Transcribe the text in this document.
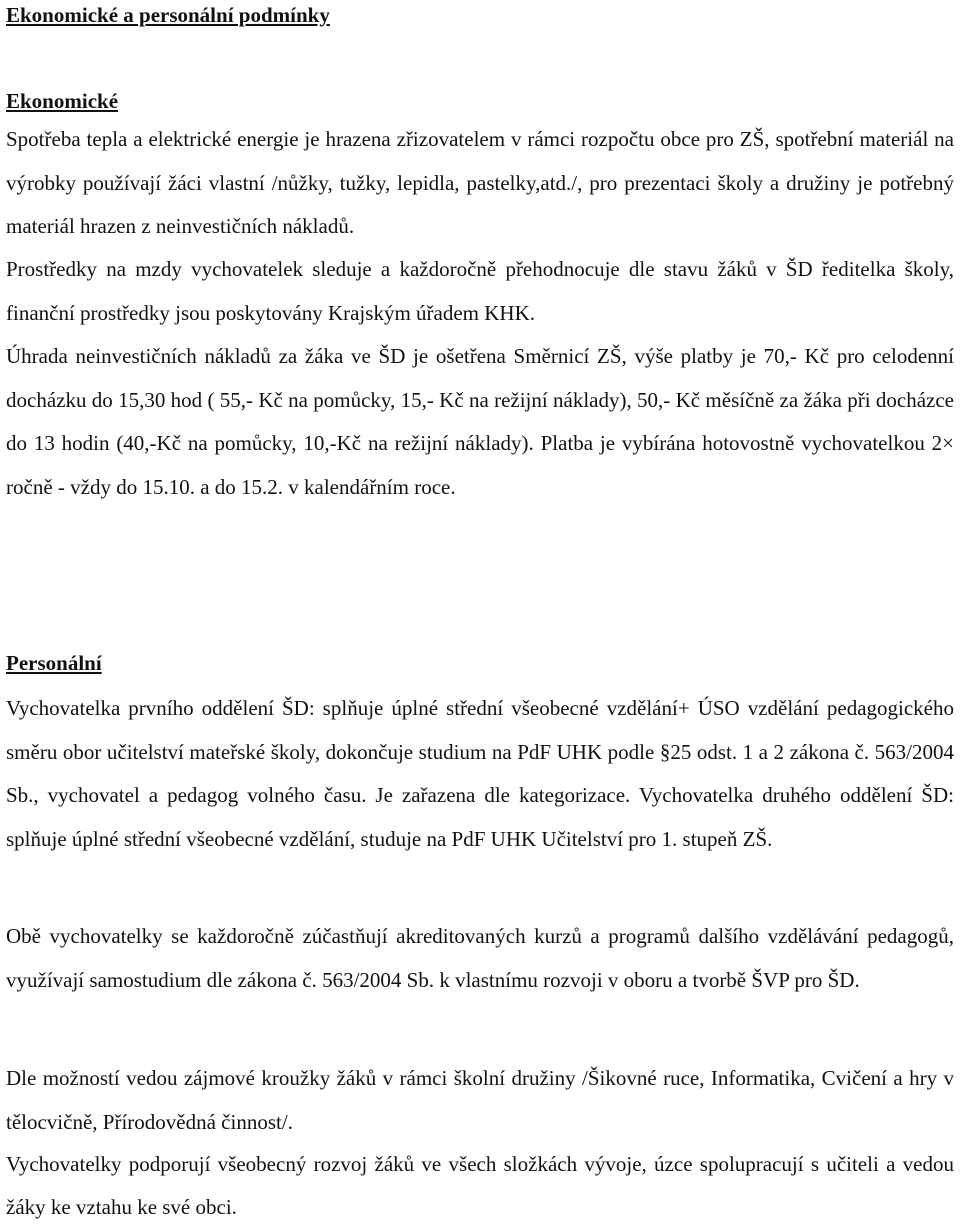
Ekonomické a personální podmínky
Ekonomické

Spotřeba tepla a elektrické energie je hrazena zřizovatelem v rámci rozpočtu obce pro ZŠ, spotřební materiál na výrobky používají žáci vlastní /nůžky, tužky, lepidla, pastelky,atd./, pro prezentaci školy a družiny je potřebný materiál hrazen z neinvestičních nákladů.

Prostředky na mzdy vychovatelek sleduje a každoročně přehodnocuje dle stavu žáků v ŠD ředitelka školy, finanční prostředky jsou poskytovány Krajským úřadem KHK.

Úhrada neinvestičních nákladů za žáka ve ŠD je ošetřena Směrnicí ZŠ, výše platby je 70,- Kč pro celodenní docházku do 15,30 hod ( 55,- Kč na pomůcky, 15,- Kč na režijní náklady), 50,- Kč měsíčně za žáka při docházce do 13 hodin (40,-Kč na pomůcky, 10,-Kč na režijní náklady). Platba je vybírána hotovostně vychovatelkou 2× ročně - vždy do 15.10. a do 15.2. v kalendářním roce.

Personální

Vychovatelka prvního oddělení ŠD: splňuje úplné střední všeobecné vzdělání+ ÚSO vzdělání pedagogického směru obor učitelství mateřské školy, dokončuje studium na PdF UHK podle §25 odst. 1 a 2 zákona č. 563/2004 Sb., vychovatel a pedagog volného času. Je zařazena dle kategorizace. Vychovatelka druhého oddělení ŠD: splňuje úplné střední všeobecné vzdělání, studuje na PdF UHK Učitelství pro 1. stupeň ZŠ.

Obě vychovatelky se každoročně zúčastňují akreditovaných kurzů a programů dalšího vzdělávání pedagogů, využívají samostudium dle zákona č. 563/2004 Sb. k vlastnímu rozvoji v oboru a tvorbě ŠVP pro ŠD.

Dle možností vedou zájmové kroužky žáků v rámci školní družiny /Šikovné ruce, Informatika, Cvičení a hry v tělocvičně, Přírodovědná činnost/.

Vychovatelky podporují všeobecný rozvoj žáků ve všech složkách vývoje, úzce spolupracují s učiteli a vedou žáky ke vztahu ke své obci.
